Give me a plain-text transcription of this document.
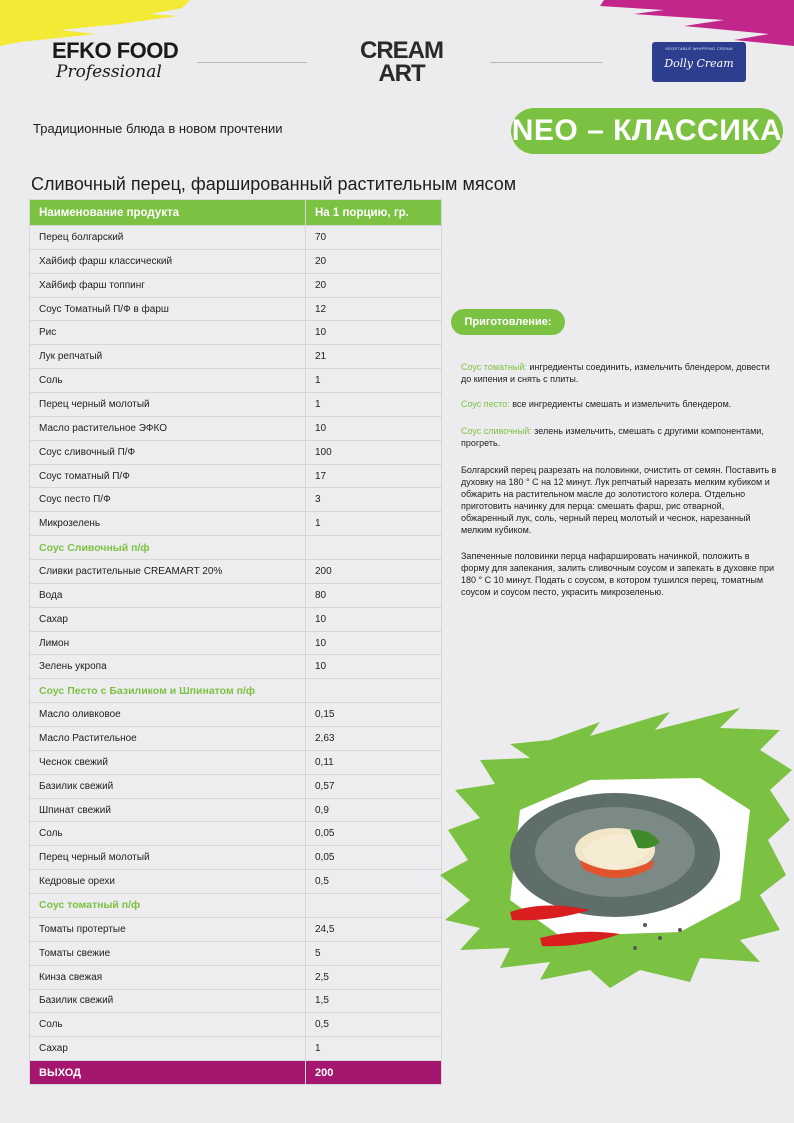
EFKO FOOD
Professional
CREAM
ART
VEGETABLE WHIPPING CREAM
Dolly Cream
Традиционные блюда в новом прочтении	NEO – КЛАССИКА
Сливочный перец, фаршированный растительным мясом
Наименование продукта	На 1 порцию, гр.
Перец болгарский	70
Хайбиф фарш классический	20
Хайбиф фарш топпинг	20
Соус Томатный П/Ф в фарш	12
Рис	10
Лук репчатый	21
Соль	1
Перец черный молотый	1
Масло растительное ЭФКО	10
Соус сливочный П/Ф	100
Соус томатный П/Ф	17
Соус песто П/Ф	3
Микрозелень	1
Соус Сливочный п/ф	
Сливки растительные CREAMART 20%	200
Вода	80
Сахар	10
Лимон	10
Зелень укропа	10
Соус Песто с Базиликом и Шпинатом п/ф	
Масло оливковое	0,15
Масло Растительное	2,63
Чеснок свежий	0,11
Базилик свежий	0,57
Шпинат свежий	0,9
Соль	0,05
Перец черный молотый	0,05
Кедровые орехи	0,5
Соус томатный п/ф	
Томаты протертые	24,5
Томаты свежие	5
Кинза свежая	2,5
Базилик свежий	1,5
Соль	0,5
Сахар	1
ВЫХОД	200
Приготовление:
Соус томатный: ингредиенты соединить, измельчить блендером, довести до кипения и снять с плиты.
Соус песто: все ингредиенты смешать и измельчить блендером.
Соус сливочный: зелень измельчить, смешать с другими компонентами, прогреть.
Болгарский перец разрезать на половинки, очистить от семян. Поставить в духовку на 180 ° С на 12 минут. Лук репчатый нарезать мелким кубиком и обжарить на растительном масле до золотистого колера. Отдельно приготовить начинку для перца: смешать фарш, рис отварной, обжаренный лук, соль, черный перец молотый и чеснок, нарезанный мелким кубиком.
Запеченные половинки перца нафаршировать начинкой, положить в форму для запекания, залить сливочным соусом и запекать в духовке при 180 ° С 10 минут. Подать с соусом, в котором тушился перец, томатным соусом и соусом песто, украсить микрозеленью.
